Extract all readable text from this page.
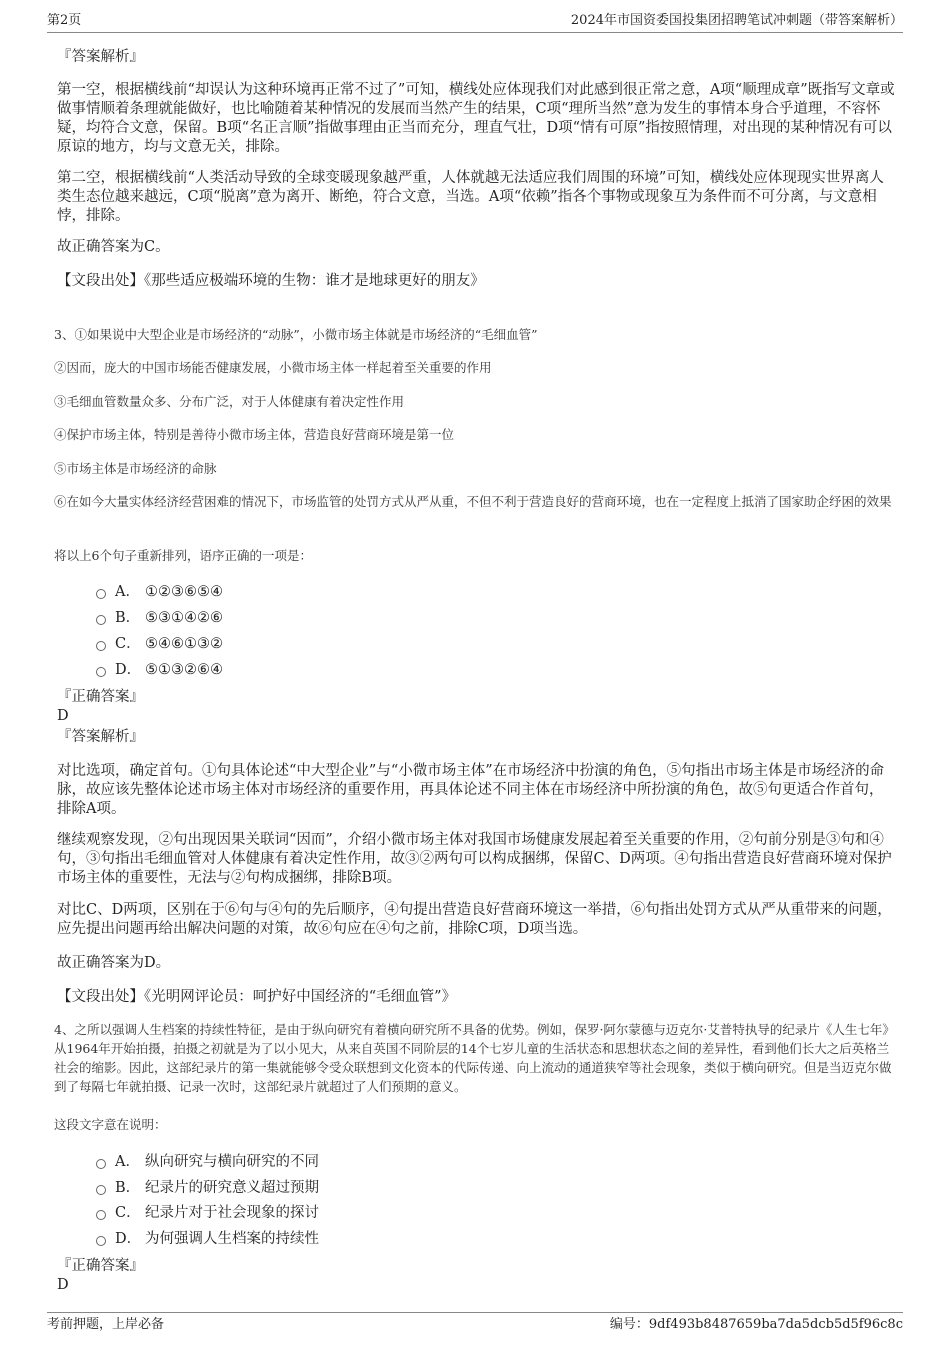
第2页	2024年市国资委国投集团招聘笔试冲刺题（带答案解析）
『答案解析』

第一空，根据横线前“却误认为这种环境再正常不过了”可知，横线处应体现我们对此感到很正常之意，A项“顺理成章”既指写文章或做事情顺着条理就能做好，也比喻随着某种情况的发展而当然产生的结果，C项“理所当然”意为发生的事情本身合乎道理，不容怀疑，均符合文意，保留。B项“名正言顺”指做事理由正当而充分，理直气壮，D项“情有可原”指按照情理，对出现的某种情况有可以原谅的地方，均与文意无关，排除。

第二空，根据横线前“人类活动导致的全球变暖现象越严重，人体就越无法适应我们周围的环境”可知，横线处应体现现实世界离人类生态位越来越远，C项“脱离”意为离开、断绝，符合文意，当选。A项“依赖”指各个事物或现象互为条件而不可分离，与文意相悖，排除。

故正确答案为C。

【文段出处】《那些适应极端环境的生物：谁才是地球更好的朋友》
3、①如果说中大型企业是市场经济的“动脉”，小微市场主体就是市场经济的“毛细血管”
②因而，庞大的中国市场能否健康发展，小微市场主体一样起着至关重要的作用
③毛细血管数量众多、分布广泛，对于人体健康有着决定性作用
④保护市场主体，特别是善待小微市场主体，营造良好营商环境是第一位
⑤市场主体是市场经济的命脉
⑥在如今大量实体经济经营困难的情况下，市场监管的处罚方式从严从重，不但不利于营造良好的营商环境，也在一定程度上抵消了国家助企纾困的效果
将以上6个句子重新排列，语序正确的一项是：
A． ①②③⑥⑤④
B． ⑤③①④②⑥
C． ⑤④⑥①③②
D． ⑤①③②⑥④
『正确答案』
D
『答案解析』

对比选项，确定首句。①句具体论述“中大型企业”与“小微市场主体”在市场经济中扮演的角色，⑤句指出市场主体是市场经济的命脉，故应该先整体论述市场主体对市场经济的重要作用，再具体论述不同主体在市场经济中所扮演的角色，故⑤句更适合作首句，排除A项。

继续观察发现，②句出现因果关联词“因而”，介绍小微市场主体对我国市场健康发展起着至关重要的作用，②句前分别是③句和④句，③句指出毛细血管对人体健康有着决定性作用，故③②两句可以构成捆绑，保留C、D两项。④句指出营造良好营商环境对保护市场主体的重要性，无法与②句构成捆绑，排除B项。

对比C、D两项，区别在于⑥句与④句的先后顺序，④句提出营造良好营商环境这一举措，⑥句指出处罚方式从严从重带来的问题，应先提出问题再给出解决问题的对策，故⑥句应在④句之前，排除C项，D项当选。

故正确答案为D。

【文段出处】《光明网评论员：呵护好中国经济的“毛细血管”》

4、之所以强调人生档案的持续性特征，是由于纵向研究有着横向研究所不具备的优势。例如，保罗·阿尔蒙德与迈克尔·艾普特执导的纪录片《人生七年》从1964年开始拍摄，拍摄之初就是为了以小见大，从来自英国不同阶层的14个七岁儿童的生活状态和思想状态之间的差异性，看到他们长大之后英格兰社会的缩影。因此，这部纪录片的第一集就能够令受众联想到文化资本的代际传递、向上流动的通道狭窄等社会现象，类似于横向研究。但是当迈克尔做到了每隔七年就拍摄、记录一次时，这部纪录片就超过了人们预期的意义。

这段文字意在说明：
A． 纵向研究与横向研究的不同
B． 纪录片的研究意义超过预期
C． 纪录片对于社会现象的探讨
D． 为何强调人生档案的持续性
『正确答案』
D
考前押题，上岸必备	编号：9df493b8487659ba7da5dcb5d5f96c8c
